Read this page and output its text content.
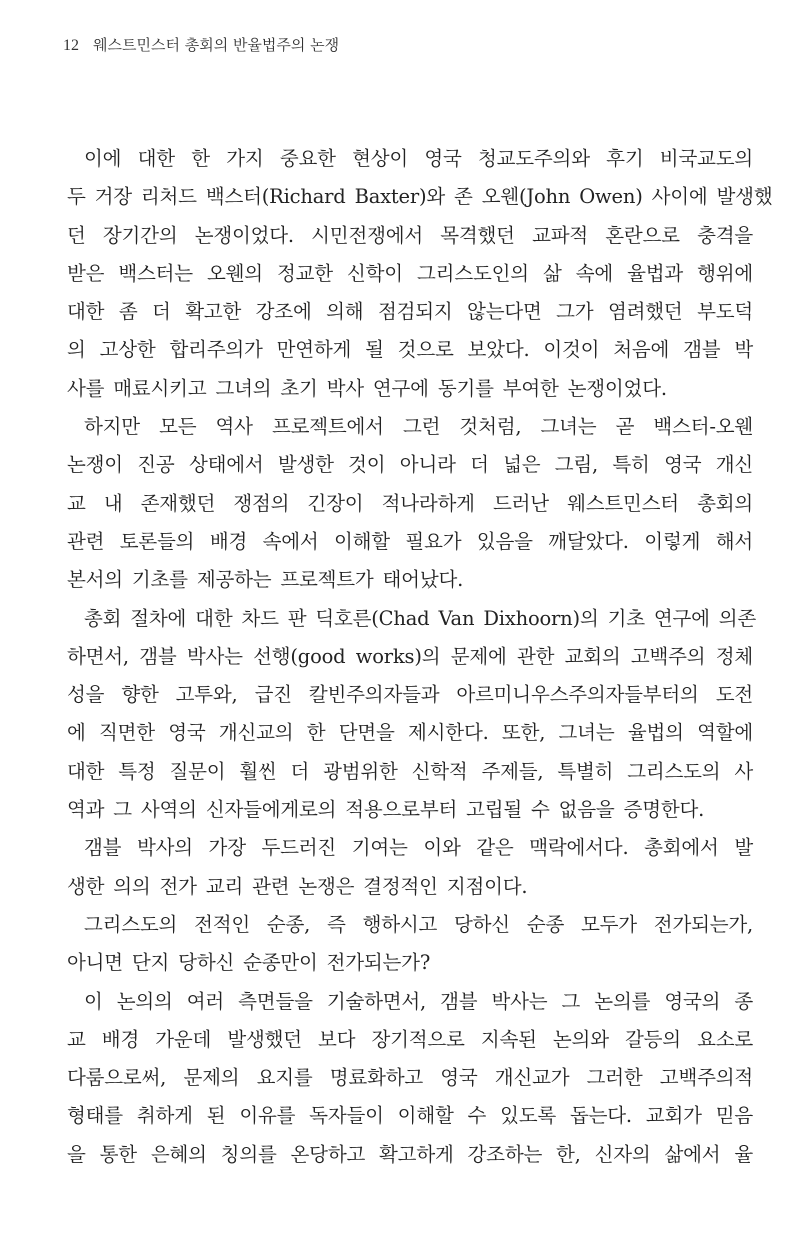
12 웨스트민스터 총회의 반율법주의 논쟁
이에 대한 한 가지 중요한 현상이 영국 청교도주의와 후기 비국교도의
두 거장 리처드 백스터(Richard Baxter)와 존 오웬(John Owen) 사이에 발생했
던 장기간의 논쟁이었다. 시민전쟁에서 목격했던 교파적 혼란으로 충격을
받은 백스터는 오웬의 정교한 신학이 그리스도인의 삶 속에 율법과 행위에
대한 좀 더 확고한 강조에 의해 점검되지 않는다면 그가 염려했던 부도덕
의 고상한 합리주의가 만연하게 될 것으로 보았다. 이것이 처음에 갬블 박
사를 매료시키고 그녀의 초기 박사 연구에 동기를 부여한 논쟁이었다.
하지만 모든 역사 프로젝트에서 그런 것처럼, 그녀는 곧 백스터-오웬
논쟁이 진공 상태에서 발생한 것이 아니라 더 넓은 그림, 특히 영국 개신
교 내 존재했던 쟁점의 긴장이 적나라하게 드러난 웨스트민스터 총회의
관련 토론들의 배경 속에서 이해할 필요가 있음을 깨달았다. 이렇게 해서
본서의 기초를 제공하는 프로젝트가 태어났다.
총회 절차에 대한 차드 판 딕호른(Chad Van Dixhoorn)의 기초 연구에 의존
하면서, 갬블 박사는 선행(good works)의 문제에 관한 교회의 고백주의 정체
성을 향한 고투와, 급진 칼빈주의자들과 아르미니우스주의자들부터의 도전
에 직면한 영국 개신교의 한 단면을 제시한다. 또한, 그녀는 율법의 역할에
대한 특정 질문이 훨씬 더 광범위한 신학적 주제들, 특별히 그리스도의 사
역과 그 사역의 신자들에게로의 적용으로부터 고립될 수 없음을 증명한다.
갬블 박사의 가장 두드러진 기여는 이와 같은 맥락에서다. 총회에서 발
생한 의의 전가 교리 관련 논쟁은 결정적인 지점이다.
그리스도의 전적인 순종, 즉 행하시고 당하신 순종 모두가 전가되는가,
아니면 단지 당하신 순종만이 전가되는가?
이 논의의 여러 측면들을 기술하면서, 갬블 박사는 그 논의를 영국의 종
교 배경 가운데 발생했던 보다 장기적으로 지속된 논의와 갈등의 요소로
다룸으로써, 문제의 요지를 명료화하고 영국 개신교가 그러한 고백주의적
형태를 취하게 된 이유를 독자들이 이해할 수 있도록 돕는다. 교회가 믿음
을 통한 은혜의 칭의를 온당하고 확고하게 강조하는 한, 신자의 삶에서 율
